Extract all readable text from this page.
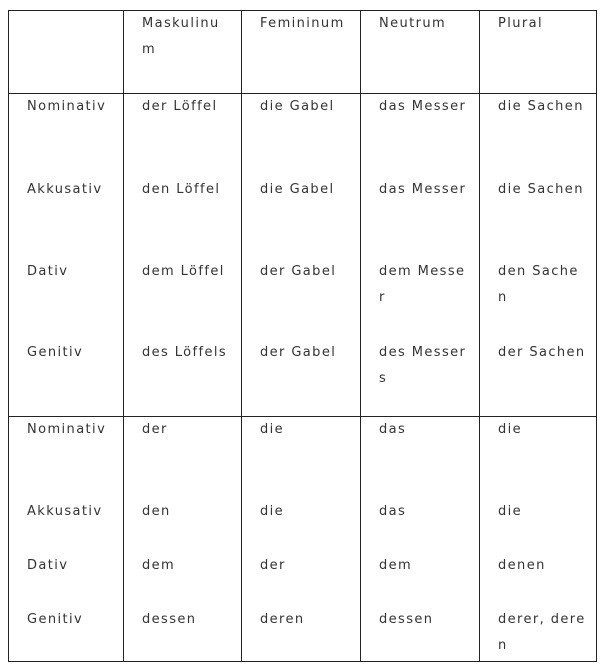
	Maskulinum	Femininum	Neutrum	Plural
Nominativ	der Löffel	die Gabel	das Messer	die Sachen
Akkusativ	den Löffel	die Gabel	das Messer	die Sachen
Dativ	dem Löffel	der Gabel	dem Messer	den Sachen
Genitiv	des Löffels	der Gabel	des Messers	der Sachen
Nominativ	der	die	das	die
Akkusativ	den	die	das	die
Dativ	dem	der	dem	denen
Genitiv	dessen	deren	dessen	derer, deren
